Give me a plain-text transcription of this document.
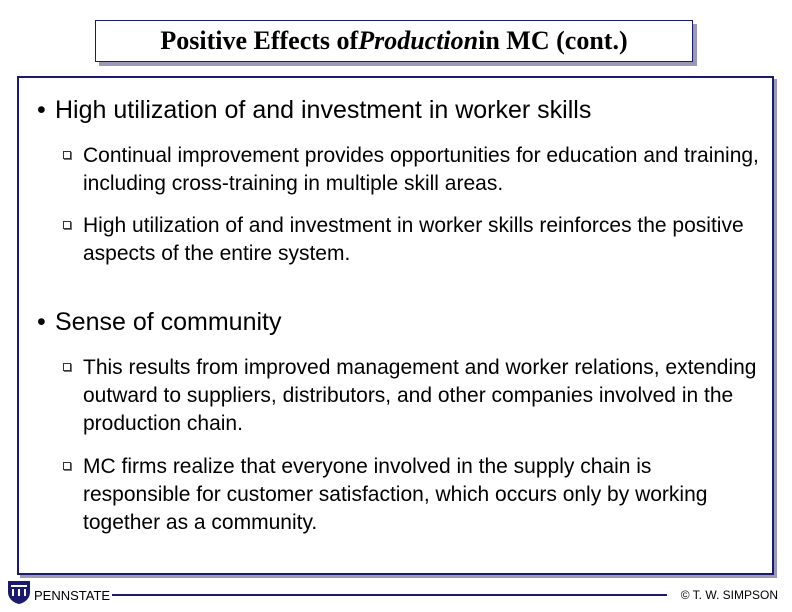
Positive Effects of Production in MC (cont.)
• High utilization of and investment in worker skills
Continual improvement provides opportunities for education and training, including cross-training in multiple skill areas.
High utilization of and investment in worker skills reinforces the positive aspects of the entire system.
• Sense of community
This results from improved management and worker relations, extending outward to suppliers, distributors, and other companies involved in the production chain.
MC firms realize that everyone involved in the supply chain is responsible for customer satisfaction, which occurs only by working together as a community.
PENNSTATE	© T. W. SIMPSON
